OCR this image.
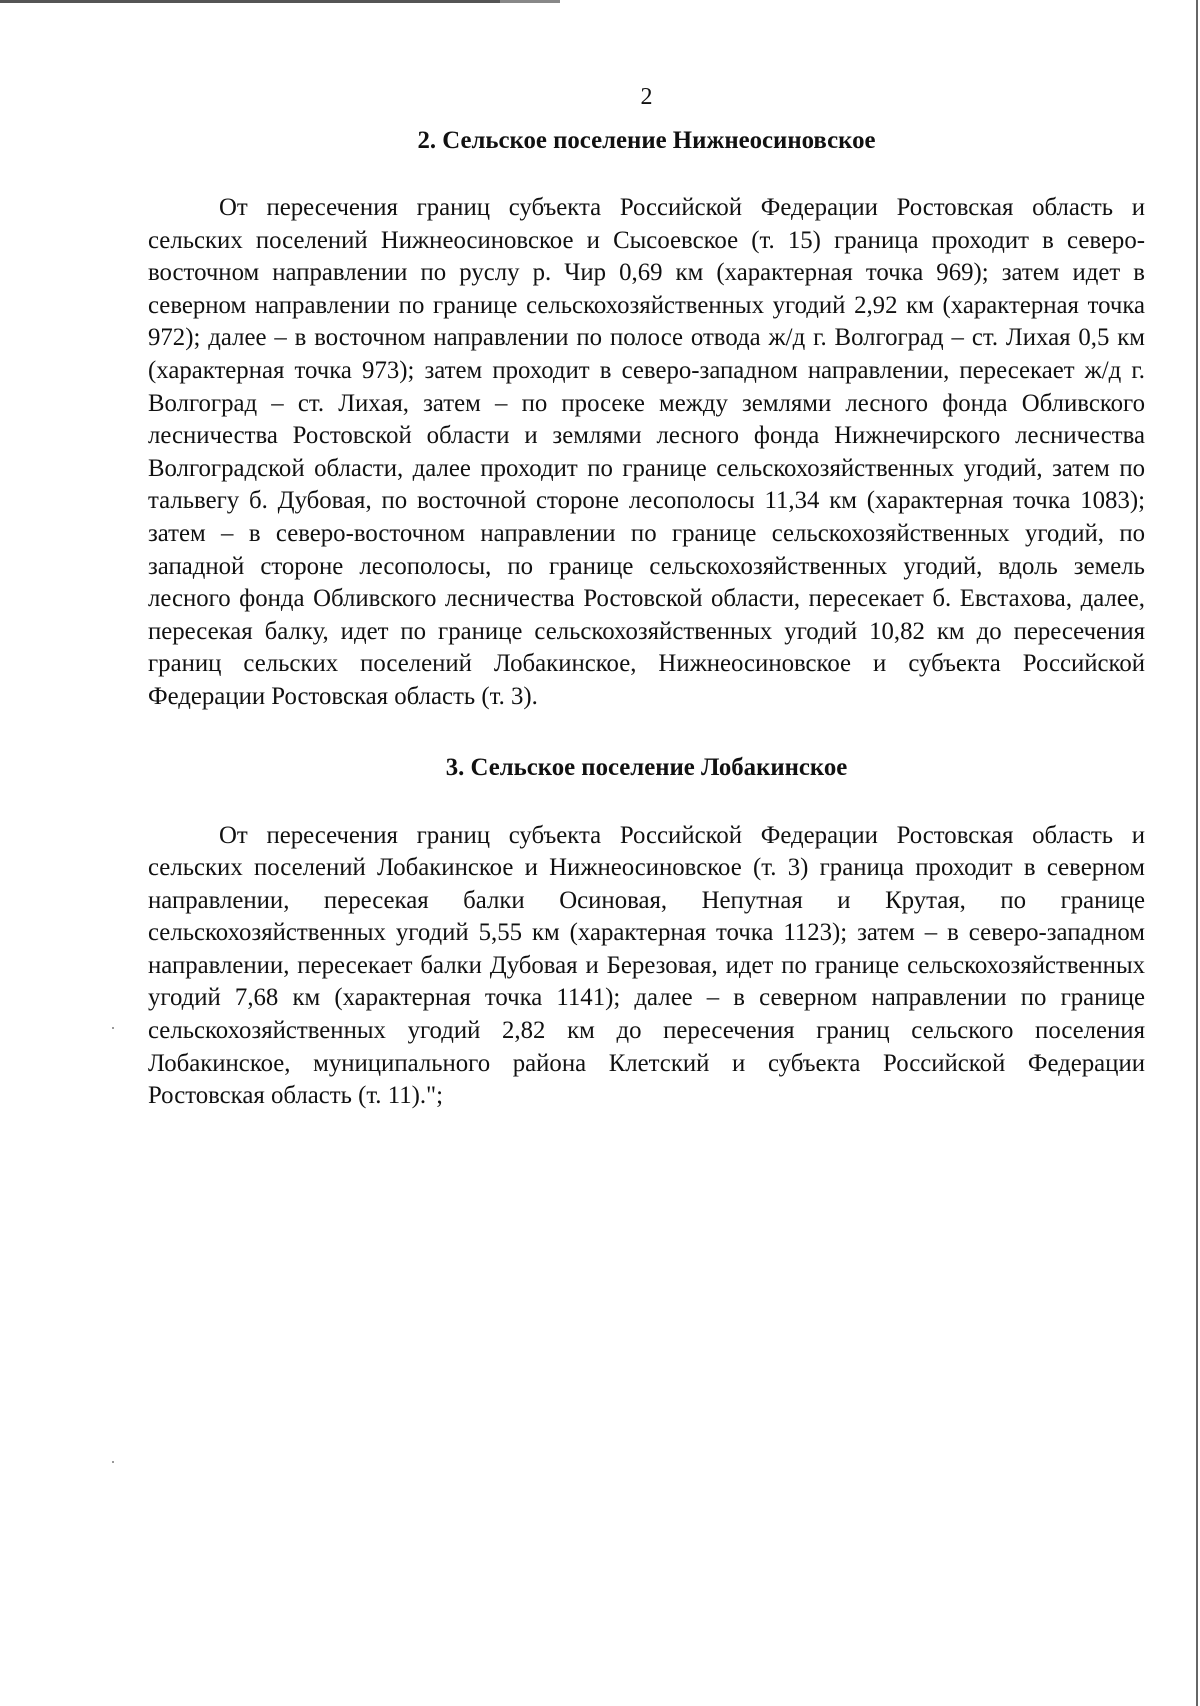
2
2. Сельское поселение Нижнеосиновское

От пересечения границ субъекта Российской Федерации Ростовская область и сельских поселений Нижнеосиновское и Сысоевское (т. 15) граница проходит в северо-восточном направлении по руслу р. Чир 0,69 км (характерная точка 969); затем идет в северном направлении по границе сельскохозяйственных угодий 2,92 км (характерная точка 972); далее – в восточном направлении по полосе отвода ж/д г. Волгоград – ст. Лихая 0,5 км (характерная точка 973); затем проходит в северо-западном направлении, пересекает ж/д г. Волгоград – ст. Лихая, затем – по просеке между землями лесного фонда Обливского лесничества Ростовской области и землями лесного фонда Нижнечирского лесничества Волгоградской области, далее проходит по границе сельскохозяйственных угодий, затем по тальвегу б. Дубовая, по восточной стороне лесополосы 11,34 км (характерная точка 1083); затем – в северо-восточном направлении по границе сельскохозяйственных угодий, по западной стороне лесополосы, по границе сельскохозяйственных угодий, вдоль земель лесного фонда Обливского лесничества Ростовской области, пересекает б. Евстахова, далее, пересекая балку, идет по границе сельскохозяйственных угодий 10,82 км до пересечения границ сельских поселений Лобакинское, Нижнеосиновское и субъекта Российской Федерации Ростовская область (т. 3).

3. Сельское поселение Лобакинское

От пересечения границ субъекта Российской Федерации Ростовская область и сельских поселений Лобакинское и Нижнеосиновское (т. 3) граница проходит в северном направлении, пересекая балки Осиновая, Непутная и Крутая, по границе сельскохозяйственных угодий 5,55 км (характерная точка 1123); затем – в северо-западном направлении, пересекает балки Дубовая и Березовая, идет по границе сельскохозяйственных угодий 7,68 км (характерная точка 1141); далее – в северном направлении по границе сельскохозяйственных угодий 2,82 км до пересечения границ сельского поселения Лобакинское, муниципального района Клетский и субъекта Российской Федерации Ростовская область (т. 11).";
